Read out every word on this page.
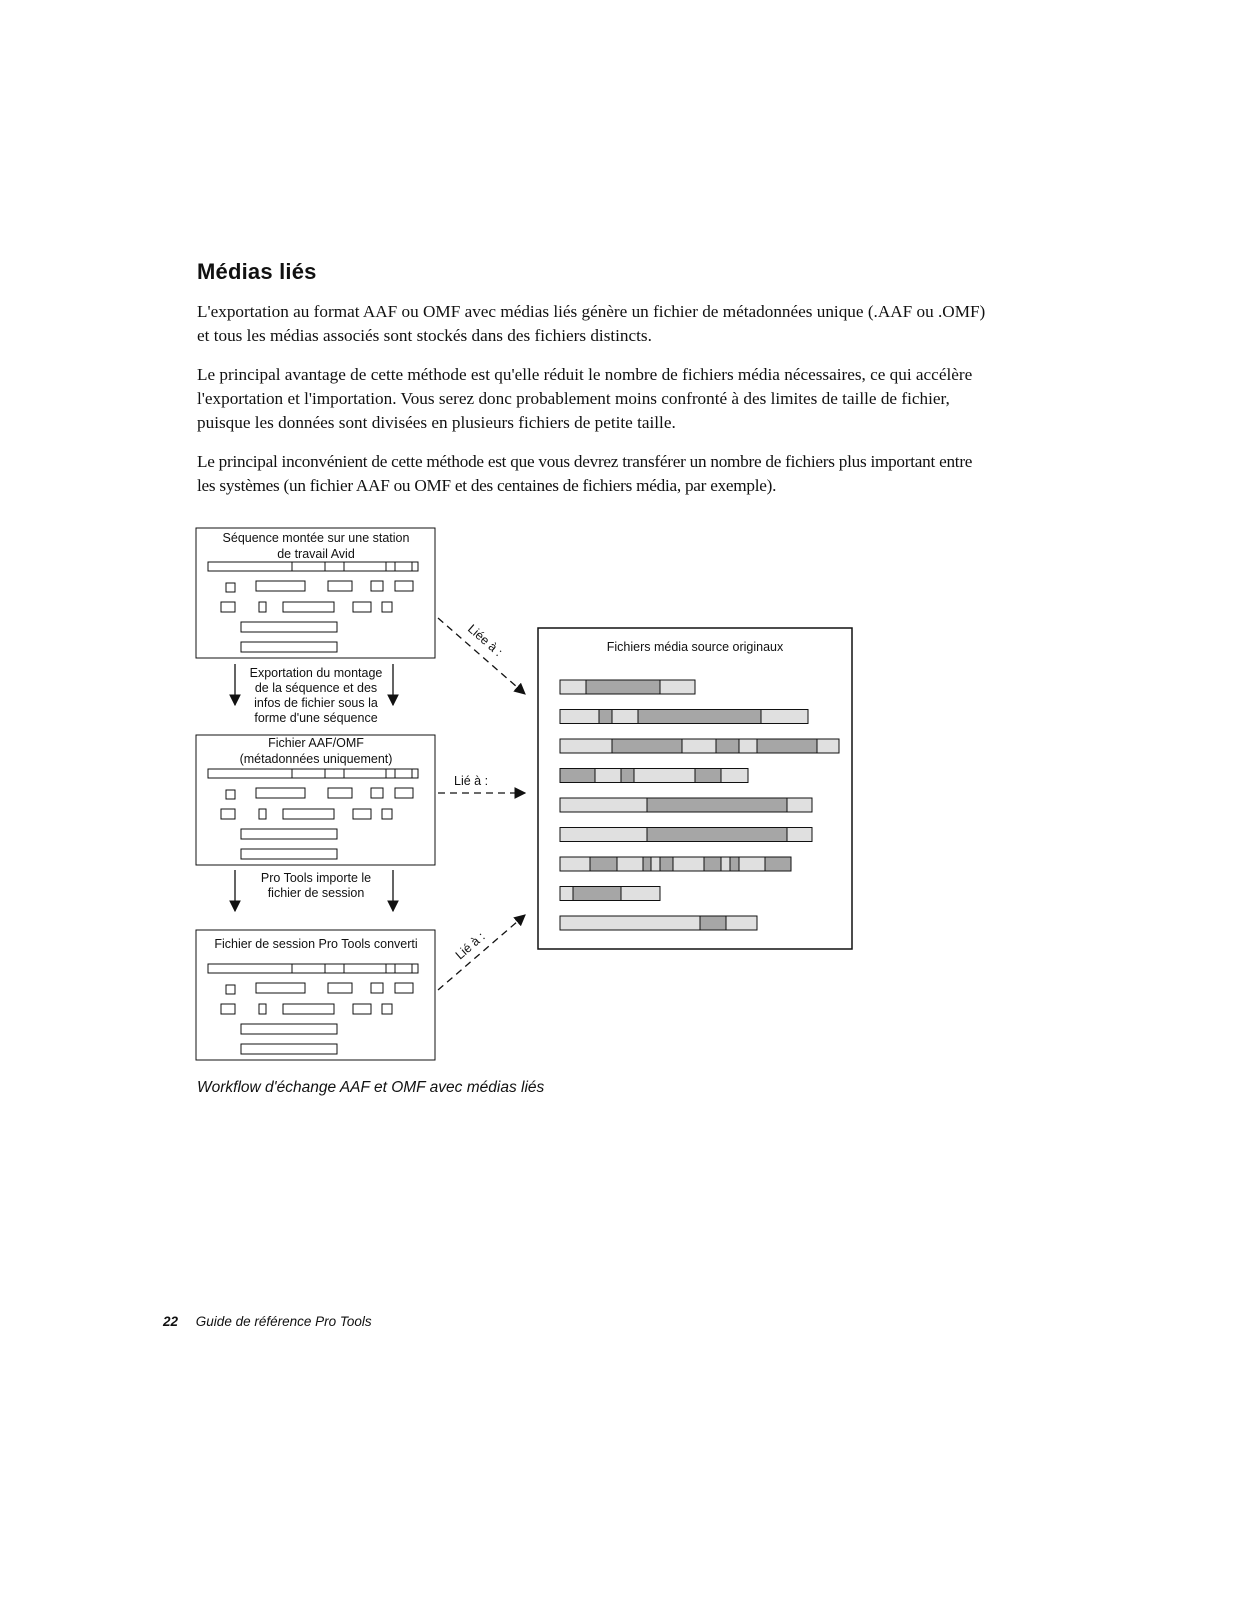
Médias liés

L'exportation au format AAF ou OMF avec médias liés génère un fichier de métadonnées unique (.AAF ou .OMF) et tous les médias associés sont stockés dans des fichiers distincts.

Le principal avantage de cette méthode est qu'elle réduit le nombre de fichiers média nécessaires, ce qui accélère l'exportation et l'importation. Vous serez donc probablement moins confronté à des limites de taille de fichier, puisque les données sont divisées en plusieurs fichiers de petite taille.

Le principal inconvénient de cette méthode est que vous devrez transférer un nombre de fichiers plus important entre les systèmes (un fichier AAF ou OMF et des centaines de fichiers média, par exemple).

Séquence montée sur une station
de travail Avid
Fichier AAF/OMF
(métadonnées uniquement)
Fichier de session Pro Tools converti
Exportation du montage
de la séquence et des
infos de fichier sous la
forme d'une séquence
Pro Tools importe le
fichier de session
Liée à :
Lié à :
Lié à :
Fichiers média source originaux

Workflow d'échange AAF et OMF avec médias liés

22 Guide de référence Pro Tools
